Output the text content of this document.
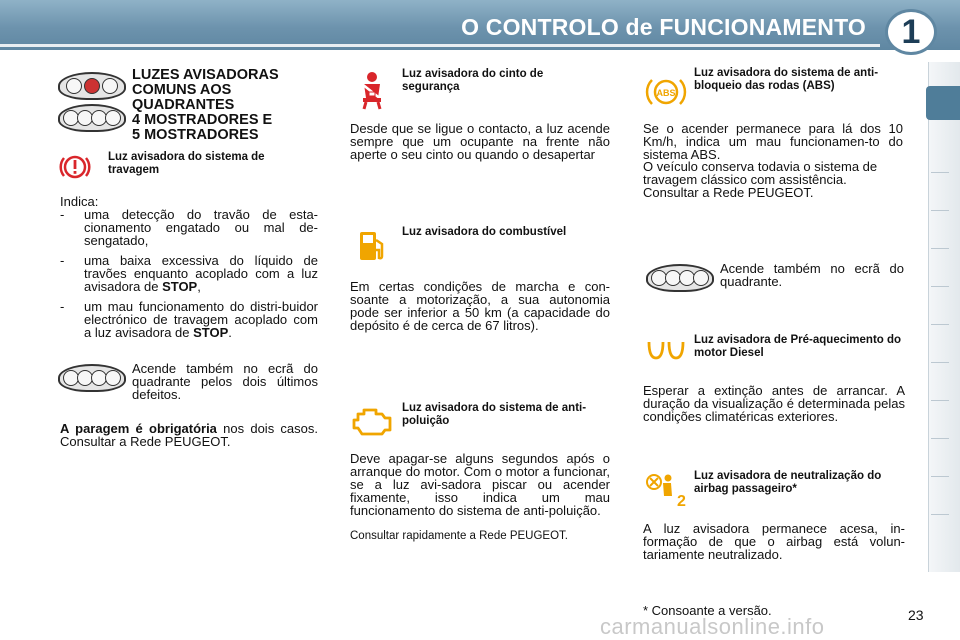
O CONTROLO de FUNCIONAMENTO	1
LUZES AVISADORAS
COMUNS AOS
QUADRANTES
4 MOSTRADORES E
5 MOSTRADORES
Luz avisadora do sistema de travagem
Indica:
- uma detecção do travão de esta-cionamento engatado ou mal de-sengatado,
- uma baixa excessiva do líquido de travões enquanto acoplado com a luz avisadora de STOP,
- um mau funcionamento do distri-buidor electrónico de travagem acoplado com a luz avisadora de STOP.
Acende também no ecrã do quadrante pelos dois últimos defeitos.
A paragem é obrigatória nos dois casos. Consultar a Rede PEUGEOT.
Luz avisadora do cinto de segurança
Desde que se ligue o contacto, a luz acende sempre que um ocupante na frente não aperte o seu cinto ou quando o desapertar
Luz avisadora do combustível
Em certas condições de marcha e con-soante a motorização, a sua autonomia pode ser inferior a 50 km (a capacidade do depósito é de cerca de 67 litros).
Luz avisadora do sistema de anti-poluição
Deve apagar-se alguns segundos após o arranque do motor. Com o motor a funcionar, se a luz avi-sadora piscar ou acender fixamente, isso indica um mau funcionamento do sistema de anti-poluição.
Consultar rapidamente a Rede PEUGEOT.
ABS
Luz avisadora do sistema de anti-bloqueio das rodas (ABS)
Se o acender permanece para lá dos 10 Km/h, indica um mau funcionamen-to do sistema ABS.
O veículo conserva todavia o sistema de travagem clássico com assistência. Consultar a Rede PEUGEOT.
Acende também no ecrã do quadrante.
Luz avisadora de Pré-aquecimento do motor Diesel
Esperar a extinção antes de arrancar. A duração da visualização é determinada pelas condições climatéricas exteriores.
2
Luz avisadora de neutralização do airbag passageiro*
A luz avisadora permanece acesa, in-formação de que o airbag está volun-tariamente neutralizado.
* Consoante a versão.
carmanualsonline.info	23
